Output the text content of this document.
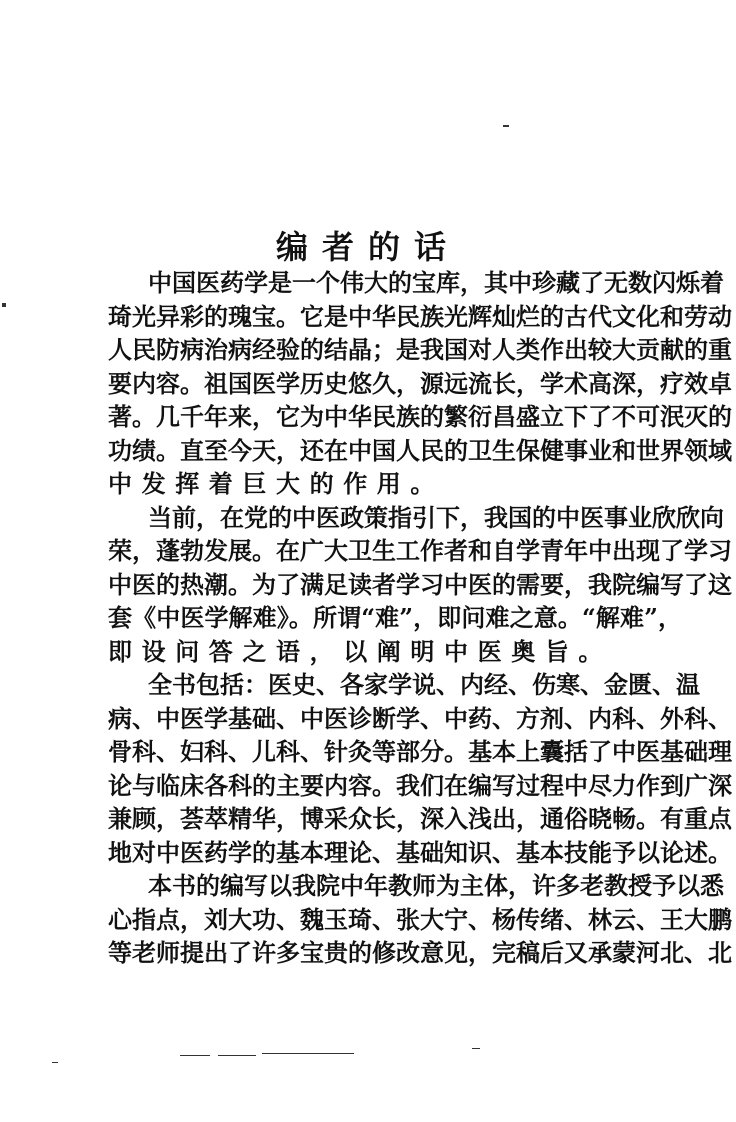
编者的话
中国医药学是一个伟大的宝库，其中珍藏了无数闪烁着
琦光异彩的瑰宝。它是中华民族光辉灿烂的古代文化和劳动
人民防病治病经验的结晶；是我国对人类作出较大贡献的重
要内容。祖国医学历史悠久，源远流长，学术高深，疗效卓
著。几千年来，它为中华民族的繁衍昌盛立下了不可泯灭的
功绩。直至今天，还在中国人民的卫生保健事业和世界领域
中发挥着巨大的作用。
当前，在党的中医政策指引下，我国的中医事业欣欣向
荣，蓬勃发展。在广大卫生工作者和自学青年中出现了学习
中医的热潮。为了满足读者学习中医的需要，我院编写了这
套《中医学解难》。所谓“难”，即问难之意。“解难”，
即设问答之语，以阐明中医奥旨。
全书包括：医史、各家学说、内经、伤寒、金匮、温
病、中医学基础、中医诊断学、中药、方剂、内科、外科、
骨科、妇科、儿科、针灸等部分。基本上囊括了中医基础理
论与临床各科的主要内容。我们在编写过程中尽力作到广深
兼顾，荟萃精华，博采众长，深入浅出，通俗晓畅。有重点
地对中医药学的基本理论、基础知识、基本技能予以论述。
本书的编写以我院中年教师为主体，许多老教授予以悉
心指点，刘大功、魏玉琦、张大宁、杨传绪、林云、王大鹏
等老师提出了许多宝贵的修改意见，完稿后又承蒙河北、北
